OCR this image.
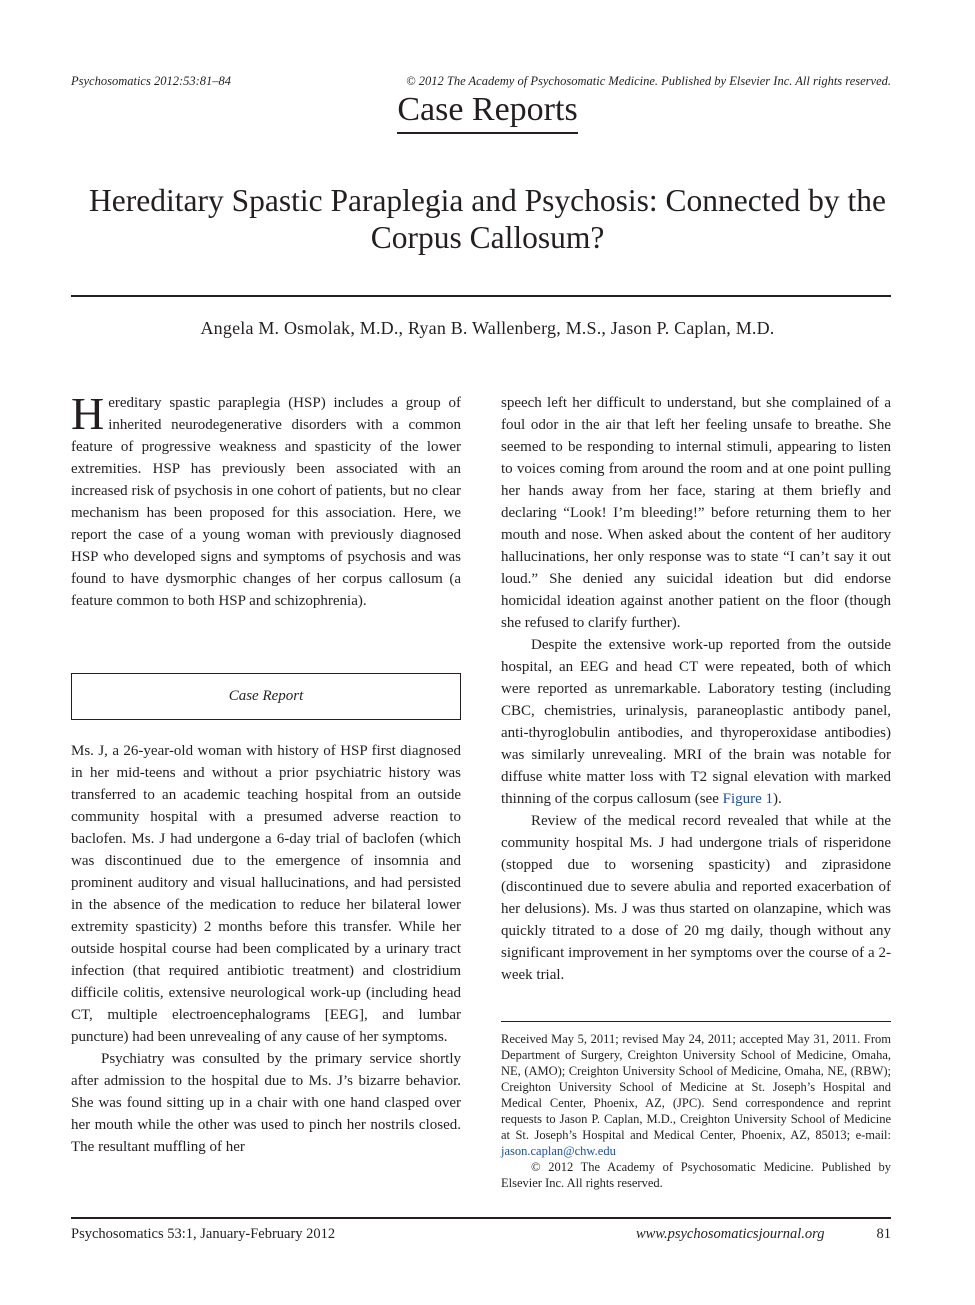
Psychosomatics 2012:53:81–84	© 2012 The Academy of Psychosomatic Medicine. Published by Elsevier Inc. All rights reserved.
Case Reports
Hereditary Spastic Paraplegia and Psychosis: Connected by the Corpus Callosum?
Angela M. Osmolak, M.D., Ryan B. Wallenberg, M.S., Jason P. Caplan, M.D.

Hereditary spastic paraplegia (HSP) includes a group of inherited neurodegenerative disorders with a common feature of progressive weakness and spasticity of the lower extremities. HSP has previously been associated with an increased risk of psychosis in one cohort of patients, but no clear mechanism has been proposed for this association. Here, we report the case of a young woman with previously diagnosed HSP who developed signs and symptoms of psychosis and was found to have dysmorphic changes of her corpus callosum (a feature common to both HSP and schizophrenia).

Case Report

Ms. J, a 26-year-old woman with history of HSP first diagnosed in her mid-teens and without a prior psychiatric history was transferred to an academic teaching hospital from an outside community hospital with a presumed adverse reaction to baclofen. Ms. J had undergone a 6-day trial of baclofen (which was discontinued due to the emergence of insomnia and prominent auditory and visual hallucinations, and had persisted in the absence of the medication to reduce her bilateral lower extremity spasticity) 2 months before this transfer. While her outside hospital course had been complicated by a urinary tract infection (that required antibiotic treatment) and clostridium difficile colitis, extensive neurological work-up (including head CT, multiple electroencephalograms [EEG], and lumbar puncture) had been unrevealing of any cause of her symptoms.

Psychiatry was consulted by the primary service shortly after admission to the hospital due to Ms. J’s bizarre behavior. She was found sitting up in a chair with one hand clasped over her mouth while the other was used to pinch her nostrils closed. The resultant muffling of her

speech left her difficult to understand, but she complained of a foul odor in the air that left her feeling unsafe to breathe. She seemed to be responding to internal stimuli, appearing to listen to voices coming from around the room and at one point pulling her hands away from her face, staring at them briefly and declaring “Look! I’m bleeding!” before returning them to her mouth and nose. When asked about the content of her auditory hallucinations, her only response was to state “I can’t say it out loud.” She denied any suicidal ideation but did endorse homicidal ideation against another patient on the floor (though she refused to clarify further).

Despite the extensive work-up reported from the outside hospital, an EEG and head CT were repeated, both of which were reported as unremarkable. Laboratory testing (including CBC, chemistries, urinalysis, paraneoplastic antibody panel, anti-thyroglobulin antibodies, and thyroperoxidase antibodies) was similarly unrevealing. MRI of the brain was notable for diffuse white matter loss with T2 signal elevation with marked thinning of the corpus callosum (see Figure 1).

Review of the medical record revealed that while at the community hospital Ms. J had undergone trials of risperidone (stopped due to worsening spasticity) and ziprasidone (discontinued due to severe abulia and reported exacerbation of her delusions). Ms. J was thus started on olanzapine, which was quickly titrated to a dose of 20 mg daily, though without any significant improvement in her symptoms over the course of a 2-week trial.

Received May 5, 2011; revised May 24, 2011; accepted May 31, 2011. From Department of Surgery, Creighton University School of Medicine, Omaha, NE, (AMO); Creighton University School of Medicine, Omaha, NE, (RBW); Creighton University School of Medicine at St. Joseph’s Hospital and Medical Center, Phoenix, AZ, (JPC). Send correspondence and reprint requests to Jason P. Caplan, M.D., Creighton University School of Medicine at St. Joseph’s Hospital and Medical Center, Phoenix, AZ, 85013; e-mail: jason.caplan@chw.edu

© 2012 The Academy of Psychosomatic Medicine. Published by Elsevier Inc. All rights reserved.

Psychosomatics 53:1, January-February 2012	www.psychosomaticsjournal.org	81
